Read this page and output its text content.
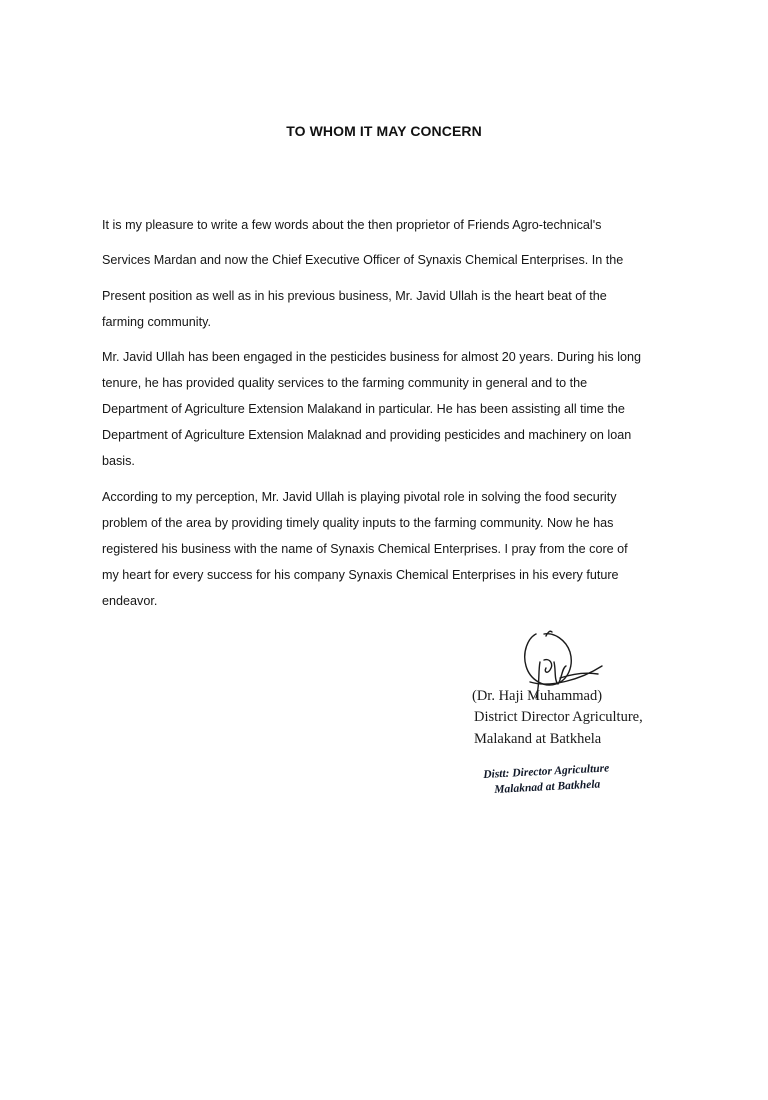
TO WHOM IT MAY CONCERN
It is my pleasure to write a few words about the then proprietor of Friends Agro-technical's
Services Mardan and now the Chief Executive Officer of Synaxis Chemical Enterprises. In the
Present position as well as in his previous business, Mr. Javid Ullah is the heart beat of the
farming community.
Mr. Javid Ullah has been engaged in the pesticides business for almost 20 years. During his long
tenure, he has provided quality services to the farming community in general and to the
Department of Agriculture Extension Malakand in particular. He has been assisting all time the
Department of Agriculture Extension Malaknad and providing pesticides and machinery on loan
basis.
According to my perception, Mr. Javid Ullah is playing pivotal role in solving the food security
problem of the area by providing timely quality inputs to the farming community. Now he has
registered his business with the name of Synaxis Chemical Enterprises. I pray from the core of
my heart for every success for his company Synaxis Chemical Enterprises in his every future
endeavor.
(Dr. Haji Muhammad)
District Director Agriculture,
Malakand at Batkhela
Distt: Director Agriculture
Malaknad at Batkhela
